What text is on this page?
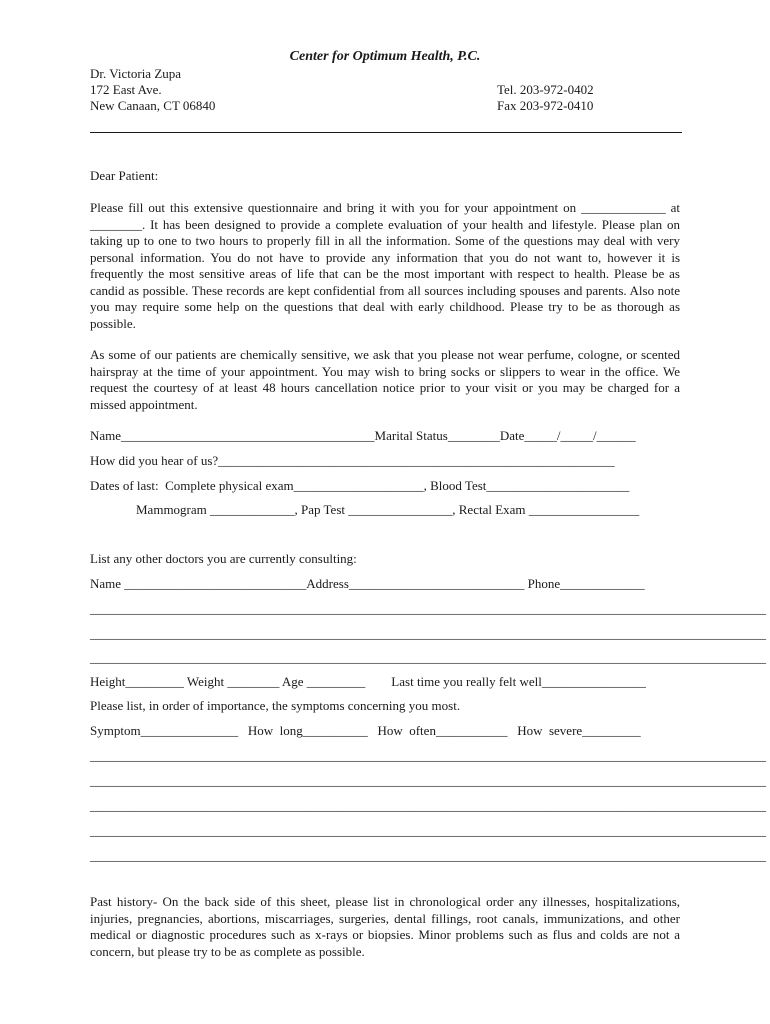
Center for Optimum Health, P.C.
Dr. Victoria Zupa
172 East Ave.
New Canaan, CT 06840
Tel. 203-972-0402
Fax 203-972-0410
Dear Patient:
Please fill out this extensive questionnaire and bring it with you for your appointment on _____________ at ________. It has been designed to provide a complete evaluation of your health and lifestyle. Please plan on taking up to one to two hours to properly fill in all the information. Some of the questions may deal with very personal information. You do not have to provide any information that you do not want to, however it is frequently the most sensitive areas of life that can be the most important with respect to health. Please be as candid as possible. These records are kept confidential from all sources including spouses and parents. Also note you may require some help on the questions that deal with early childhood. Please try to be as thorough as possible.
As some of our patients are chemically sensitive, we ask that you please not wear perfume, cologne, or scented hairspray at the time of your appointment. You may wish to bring socks or slippers to wear in the office. We request the courtesy of at least 48 hours cancellation notice prior to your visit or you may be charged for a missed appointment.
Name_______________________________________Marital Status________Date_____/_____/______
How did you hear of us?_____________________________________________________________
Dates of last:  Complete physical exam____________________, Blood Test______________________
Mammogram _____________, Pap Test ________________, Rectal Exam _________________
List any other doctors you are currently consulting:
Name ____________________________Address___________________________ Phone_____________
________________________________________________________________________________________________________
________________________________________________________________________________________________________
________________________________________________________________________________________________________
Height_________ Weight ________ Age _________        Last time you really felt well________________
Please list, in order of importance, the symptoms concerning you most.
Symptom_______________   How  long__________   How  often___________   How  severe_________
________________________________________________________________________________________________________
________________________________________________________________________________________________________
________________________________________________________________________________________________________
________________________________________________________________________________________________________
________________________________________________________________________________________________________
Past history- On the back side of this sheet, please list in chronological order any illnesses, hospitalizations, injuries, pregnancies, abortions, miscarriages, surgeries, dental fillings, root canals, immunizations, and other medical or diagnostic procedures such as x-rays or biopsies. Minor problems such as flus and colds are not a concern, but please try to be as complete as possible.
